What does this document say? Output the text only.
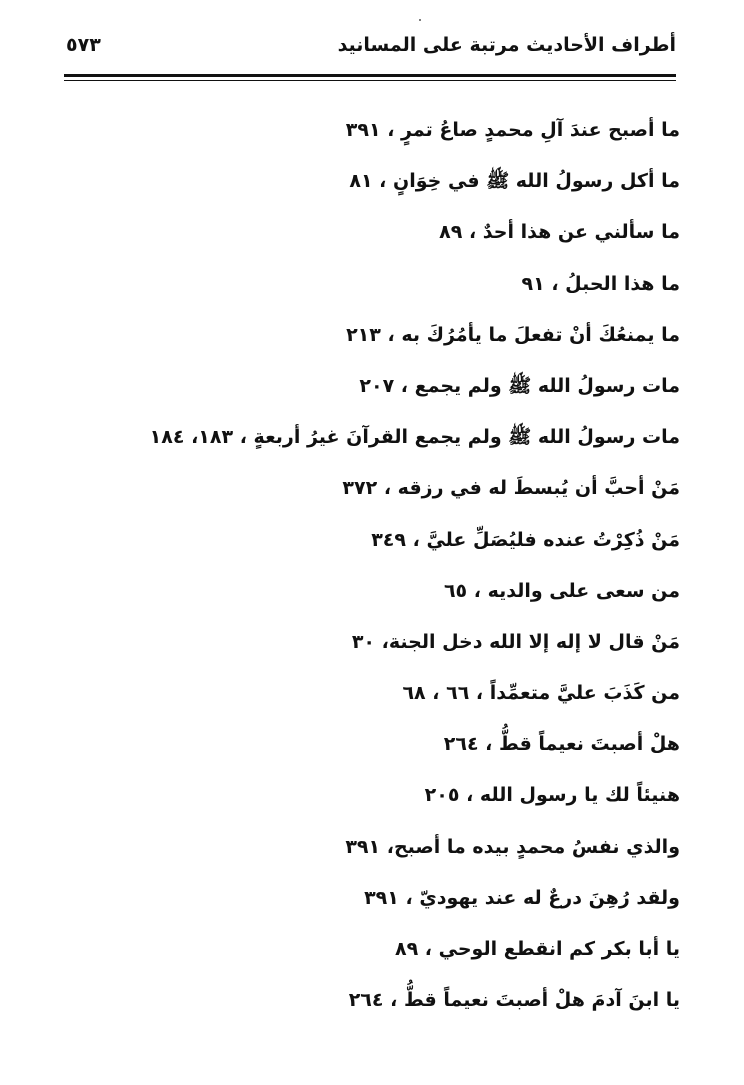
أطراف الأحاديث مرتبة على المسانيد
٥٧٣
ما أصبح عندَ آلِ محمدٍ صاعُ تمرٍ ، ٣٩١
ما أكل رسولُ الله ﷺ في خِوَانٍ ، ٨١
ما سألني عن هذا أحدٌ ، ٨٩
ما هذا الحبلُ ، ٩١
ما يمنعُكَ أنْ تفعلَ ما يأمُرُكَ به ، ٢١٣
مات رسولُ الله ﷺ ولم يجمع ، ٢٠٧
مات رسولُ الله ﷺ ولم يجمع القرآنَ غيرُ أربعةٍ ، ١٨٣، ١٨٤
مَنْ أحبَّ أن يُبسطَ له في رزقه ، ٣٧٢
مَنْ ذُكِرْتُ عنده فليُصَلِّ عليَّ ، ٣٤٩
من سعى على والديه ، ٦٥
مَنْ قال لا إله إلا الله دخل الجنة، ٣٠
من كَذَبَ عليَّ متعمِّداً ، ٦٦ ، ٦٨
هلْ أصبتَ نعيماً قطُّ ، ٢٦٤
هنيئاً لك يا رسول الله ، ٢٠٥
والذي نفسُ محمدٍ بيده ما أصبح، ٣٩١
ولقد رُهِنَ درعٌ له عند يهوديّ ، ٣٩١
يا أبا بكر كم انقطع الوحي ، ٨٩
يا ابنَ آدمَ هلْ أصبتَ نعيماً قطُّ ، ٢٦٤
